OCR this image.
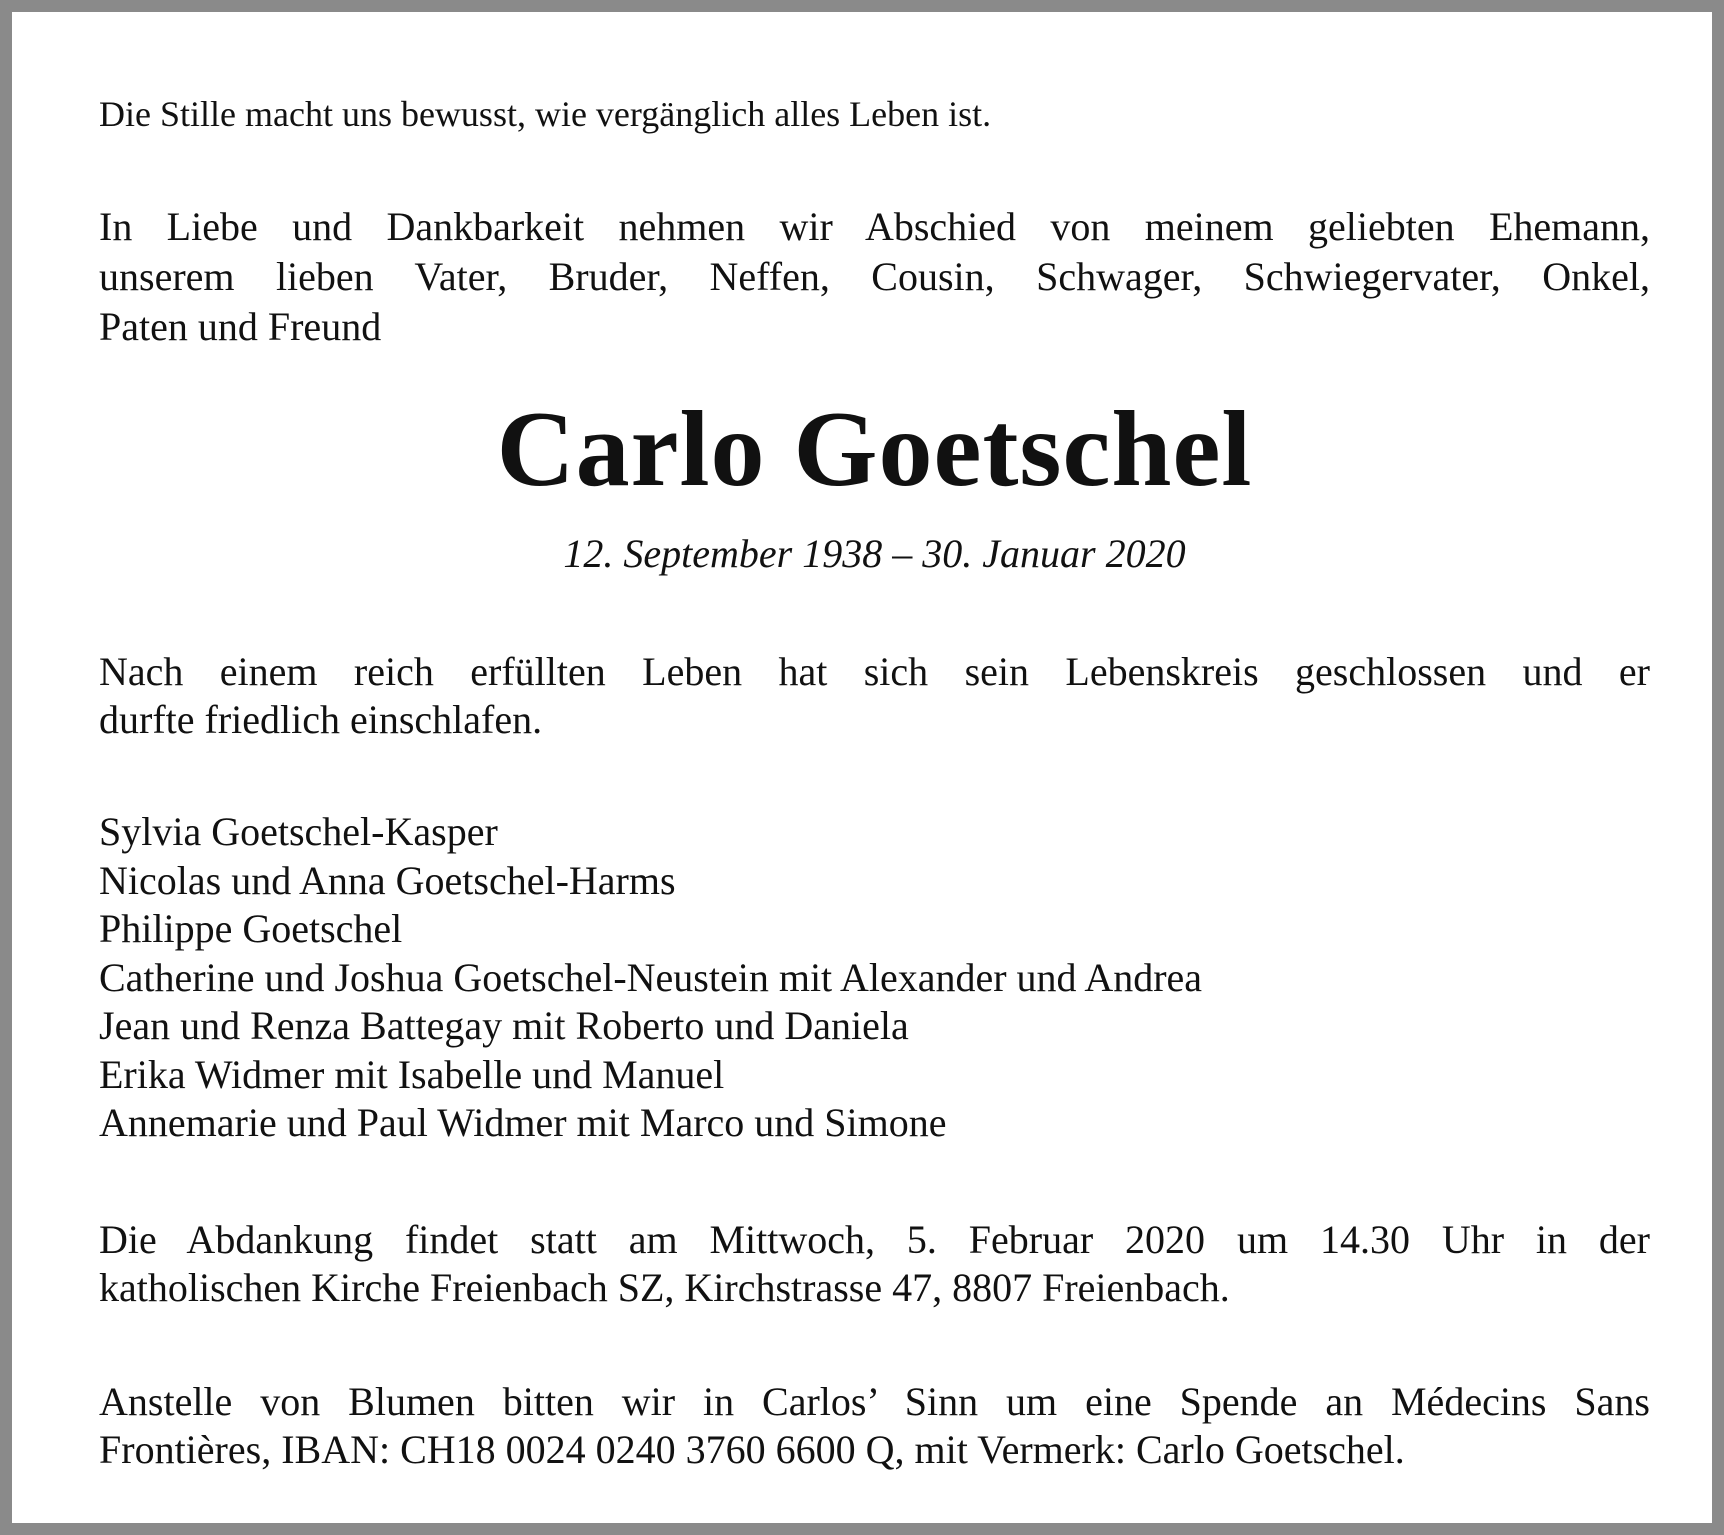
Die Stille macht uns bewusst, wie vergänglich alles Leben ist.
In Liebe und Dankbarkeit nehmen wir Abschied von meinem geliebten Ehemann,
unserem lieben Vater, Bruder, Neffen, Cousin, Schwager, Schwiegervater, Onkel,
Paten und Freund
Carlo Goetschel
12. September 1938 – 30. Januar 2020
Nach einem reich erfüllten Leben hat sich sein Lebenskreis geschlossen und er
durfte friedlich einschlafen.
Sylvia Goetschel-Kasper
Nicolas und Anna Goetschel-Harms
Philippe Goetschel
Catherine und Joshua Goetschel-Neustein mit Alexander und Andrea
Jean und Renza Battegay mit Roberto und Daniela
Erika Widmer mit Isabelle und Manuel
Annemarie und Paul Widmer mit Marco und Simone
Die Abdankung findet statt am Mittwoch, 5. Februar 2020 um 14.30 Uhr in der
katholischen Kirche Freienbach SZ, Kirchstrasse 47, 8807 Freienbach.
Anstelle von Blumen bitten wir in Carlos’ Sinn um eine Spende an Médecins Sans
Frontières, IBAN: CH18 0024 0240 3760 6600 Q, mit Vermerk: Carlo Goetschel.
